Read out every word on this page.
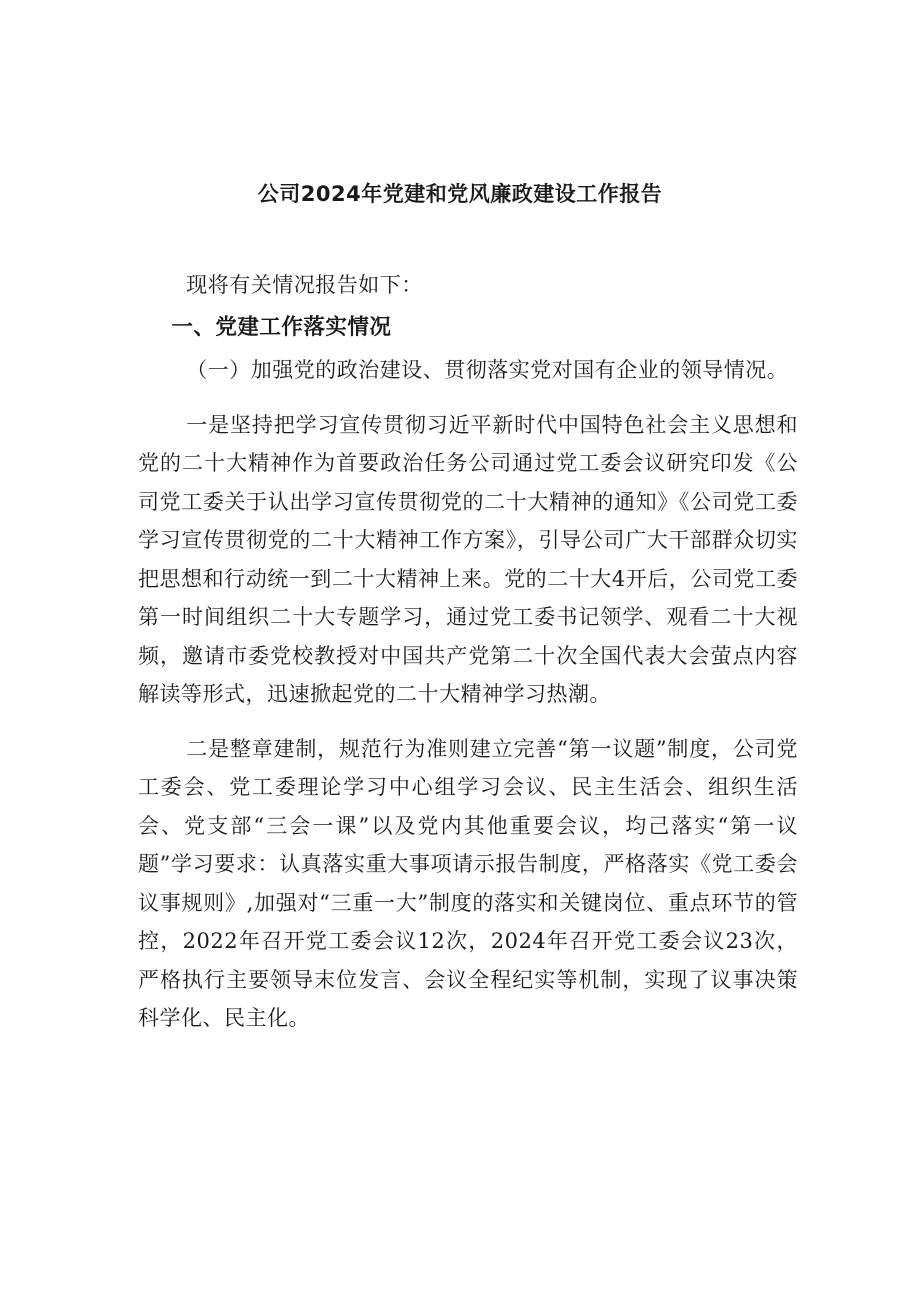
公司2024年党建和党风廉政建设工作报告

现将有关情况报告如下：

一、党建工作落实情况

（一）加强党的政治建设、贯彻落实党对国有企业的领导情况。

一是坚持把学习宣传贯彻习近平新时代中国特色社会主义思想和党的二十大精神作为首要政治任务公司通过党工委会议研究印发《公司党工委关于认出学习宣传贯彻党的二十大精神的通知》《公司党工委学习宣传贯彻党的二十大精神工作方案》，引导公司广大干部群众切实把思想和行动统一到二十大精神上来。党的二十大4开后，公司党工委第一时间组织二十大专题学习，通过党工委书记领学、观看二十大视频，邀请市委党校教授对中国共产党第二十次全国代表大会萤点内容解读等形式，迅速掀起党的二十大精神学习热潮。

二是整章建制，规范行为准则建立完善“第一议题”制度，公司党工委会、党工委理论学习中心组学习会议、民主生活会、组织生活会、党支部“三会一课”以及党内其他重要会议，均己落实“第一议题”学习要求：认真落实重大事项请示报告制度，严格落实《党工委会议事规则》,加强对“三重一大”制度的落实和关键岗位、重点环节的管控，2022年召开党工委会议12次，2024年召开党工委会议23次，严格执行主要领导末位发言、会议全程纪实等机制，实现了议事决策科学化、民主化。
